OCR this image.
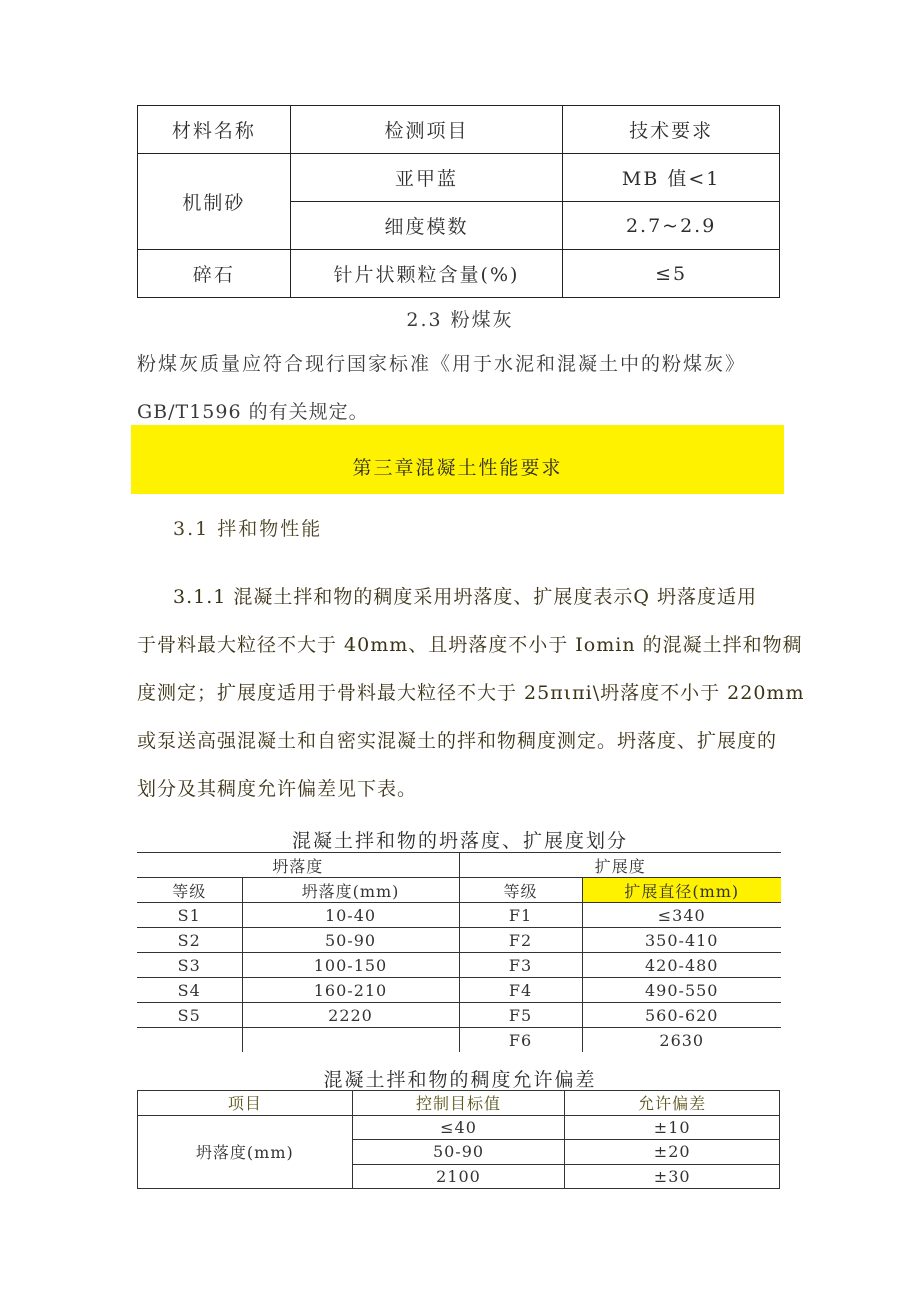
材料名称	检测项目	技术要求
机制砂	亚甲蓝	MB 值<1
	细度模数	2.7~2.9
碎石	针片状颗粒含量(%)	≤5
2.3 粉煤灰
粉煤灰质量应符合现行国家标准《用于水泥和混凝土中的粉煤灰》
GB/T1596 的有关规定。
第三章混凝土性能要求
3.1 拌和物性能
3.1.1 混凝土拌和物的稠度采用坍落度、扩展度表示Q 坍落度适用
于骨料最大粒径不大于 40mm、且坍落度不小于 Iomin 的混凝土拌和物稠
度测定；扩展度适用于骨料最大粒径不大于 25πιπi\坍落度不小于 220mm
或泵送高强混凝土和自密实混凝土的拌和物稠度测定。坍落度、扩展度的
划分及其稠度允许偏差见下表。
混凝土拌和物的坍落度、扩展度划分
坍落度		扩展度	
等级	坍落度(mm)	等级	扩展直径(mm)
S1	10-40	F1	≤340
S2	50-90	F2	350-410
S3	100-150	F3	420-480
S4	160-210	F4	490-550
S5	2220	F5	560-620
		F6	2630
混凝土拌和物的稠度允许偏差
项目	控制目标值	允许偏差
坍落度(mm)	≤40	±10
	50-90	±20
	2100	±30
